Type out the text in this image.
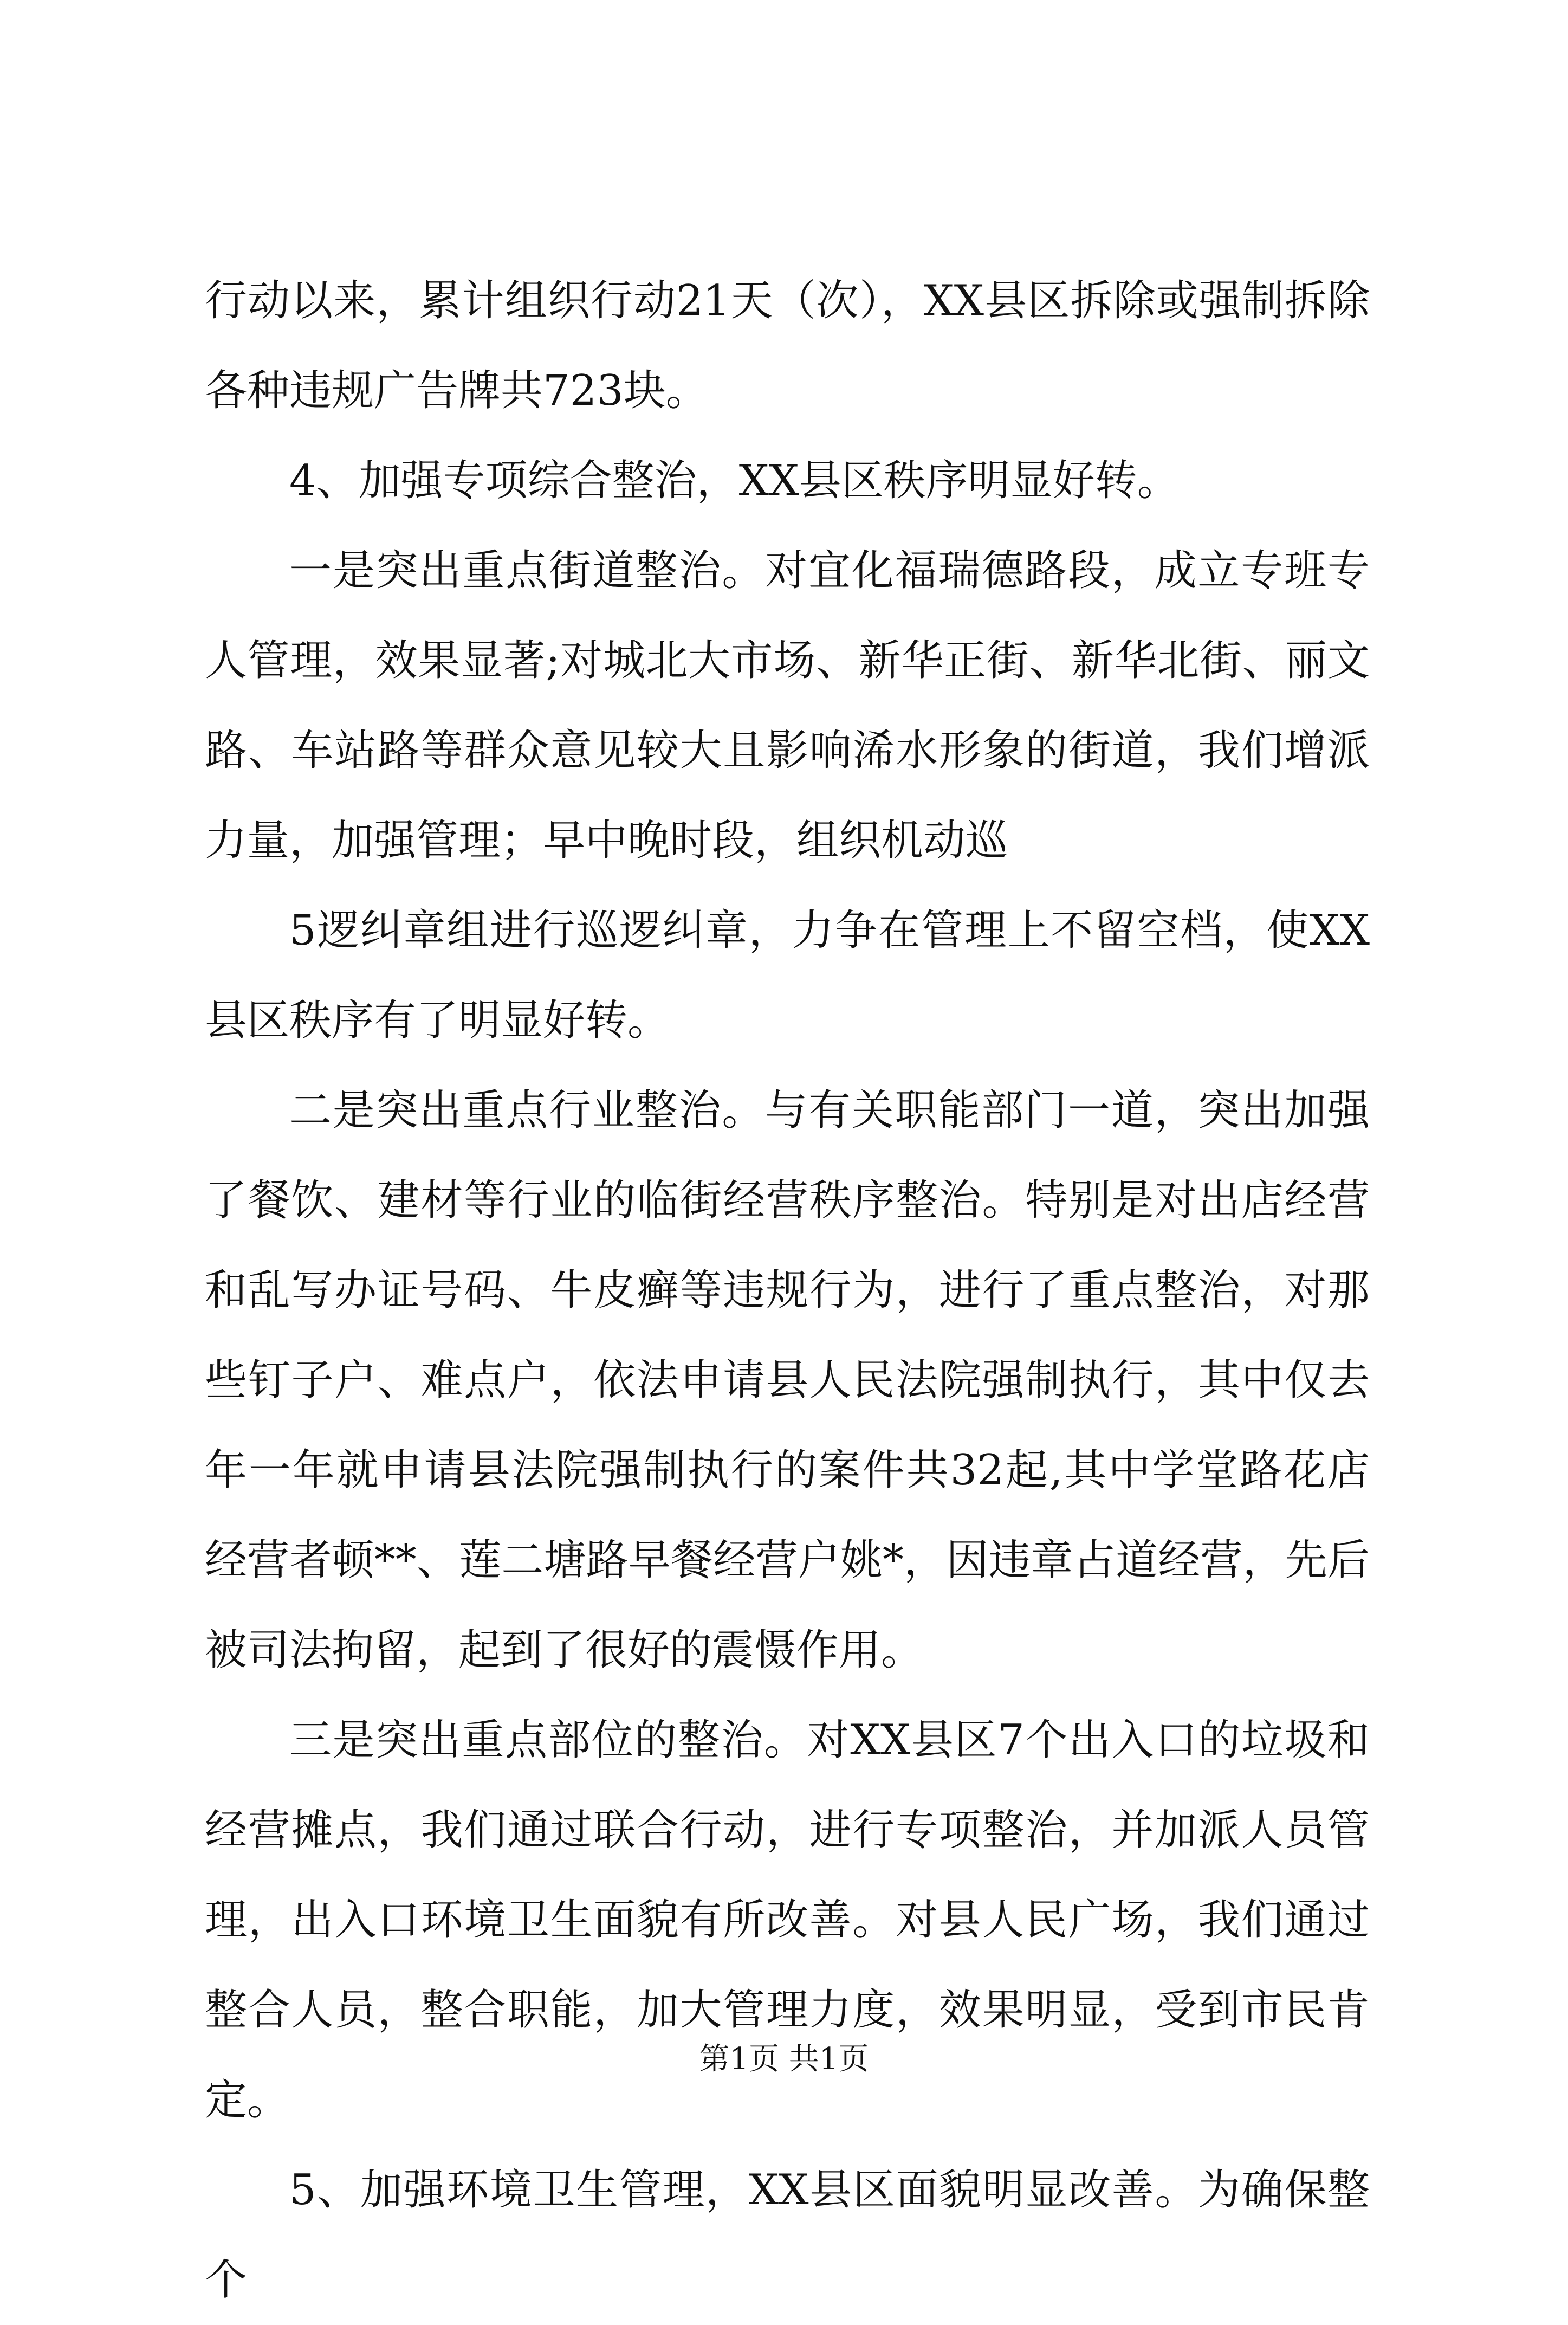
行动以来，累计组织行动21天（次），XX县区拆除或强制拆除各种违规广告牌共723块。

4、加强专项综合整治，XX县区秩序明显好转。

一是突出重点街道整治。对宜化福瑞德路段，成立专班专人管理，效果显著;对城北大市场、新华正街、新华北街、丽文路、车站路等群众意见较大且影响浠水形象的街道，我们增派力量，加强管理；早中晚时段，组织机动巡

5逻纠章组进行巡逻纠章，力争在管理上不留空档，使XX县区秩序有了明显好转。

二是突出重点行业整治。与有关职能部门一道，突出加强了餐饮、建材等行业的临街经营秩序整治。特别是对出店经营和乱写办证号码、牛皮癣等违规行为，进行了重点整治，对那些钉子户、难点户，依法申请县人民法院强制执行，其中仅去年一年就申请县法院强制执行的案件共32起,其中学堂路花店经营者顿**、莲二塘路早餐经营户姚*，因违章占道经营，先后被司法拘留，起到了很好的震慑作用。

三是突出重点部位的整治。对XX县区7个出入口的垃圾和经营摊点，我们通过联合行动，进行专项整治，并加派人员管理，出入口环境卫生面貌有所改善。对县人民广场，我们通过整合人员，整合职能，加大管理力度，效果明显，受到市民肯定。

5、加强环境卫生管理，XX县区面貌明显改善。为确保整个

第1页 共1页
